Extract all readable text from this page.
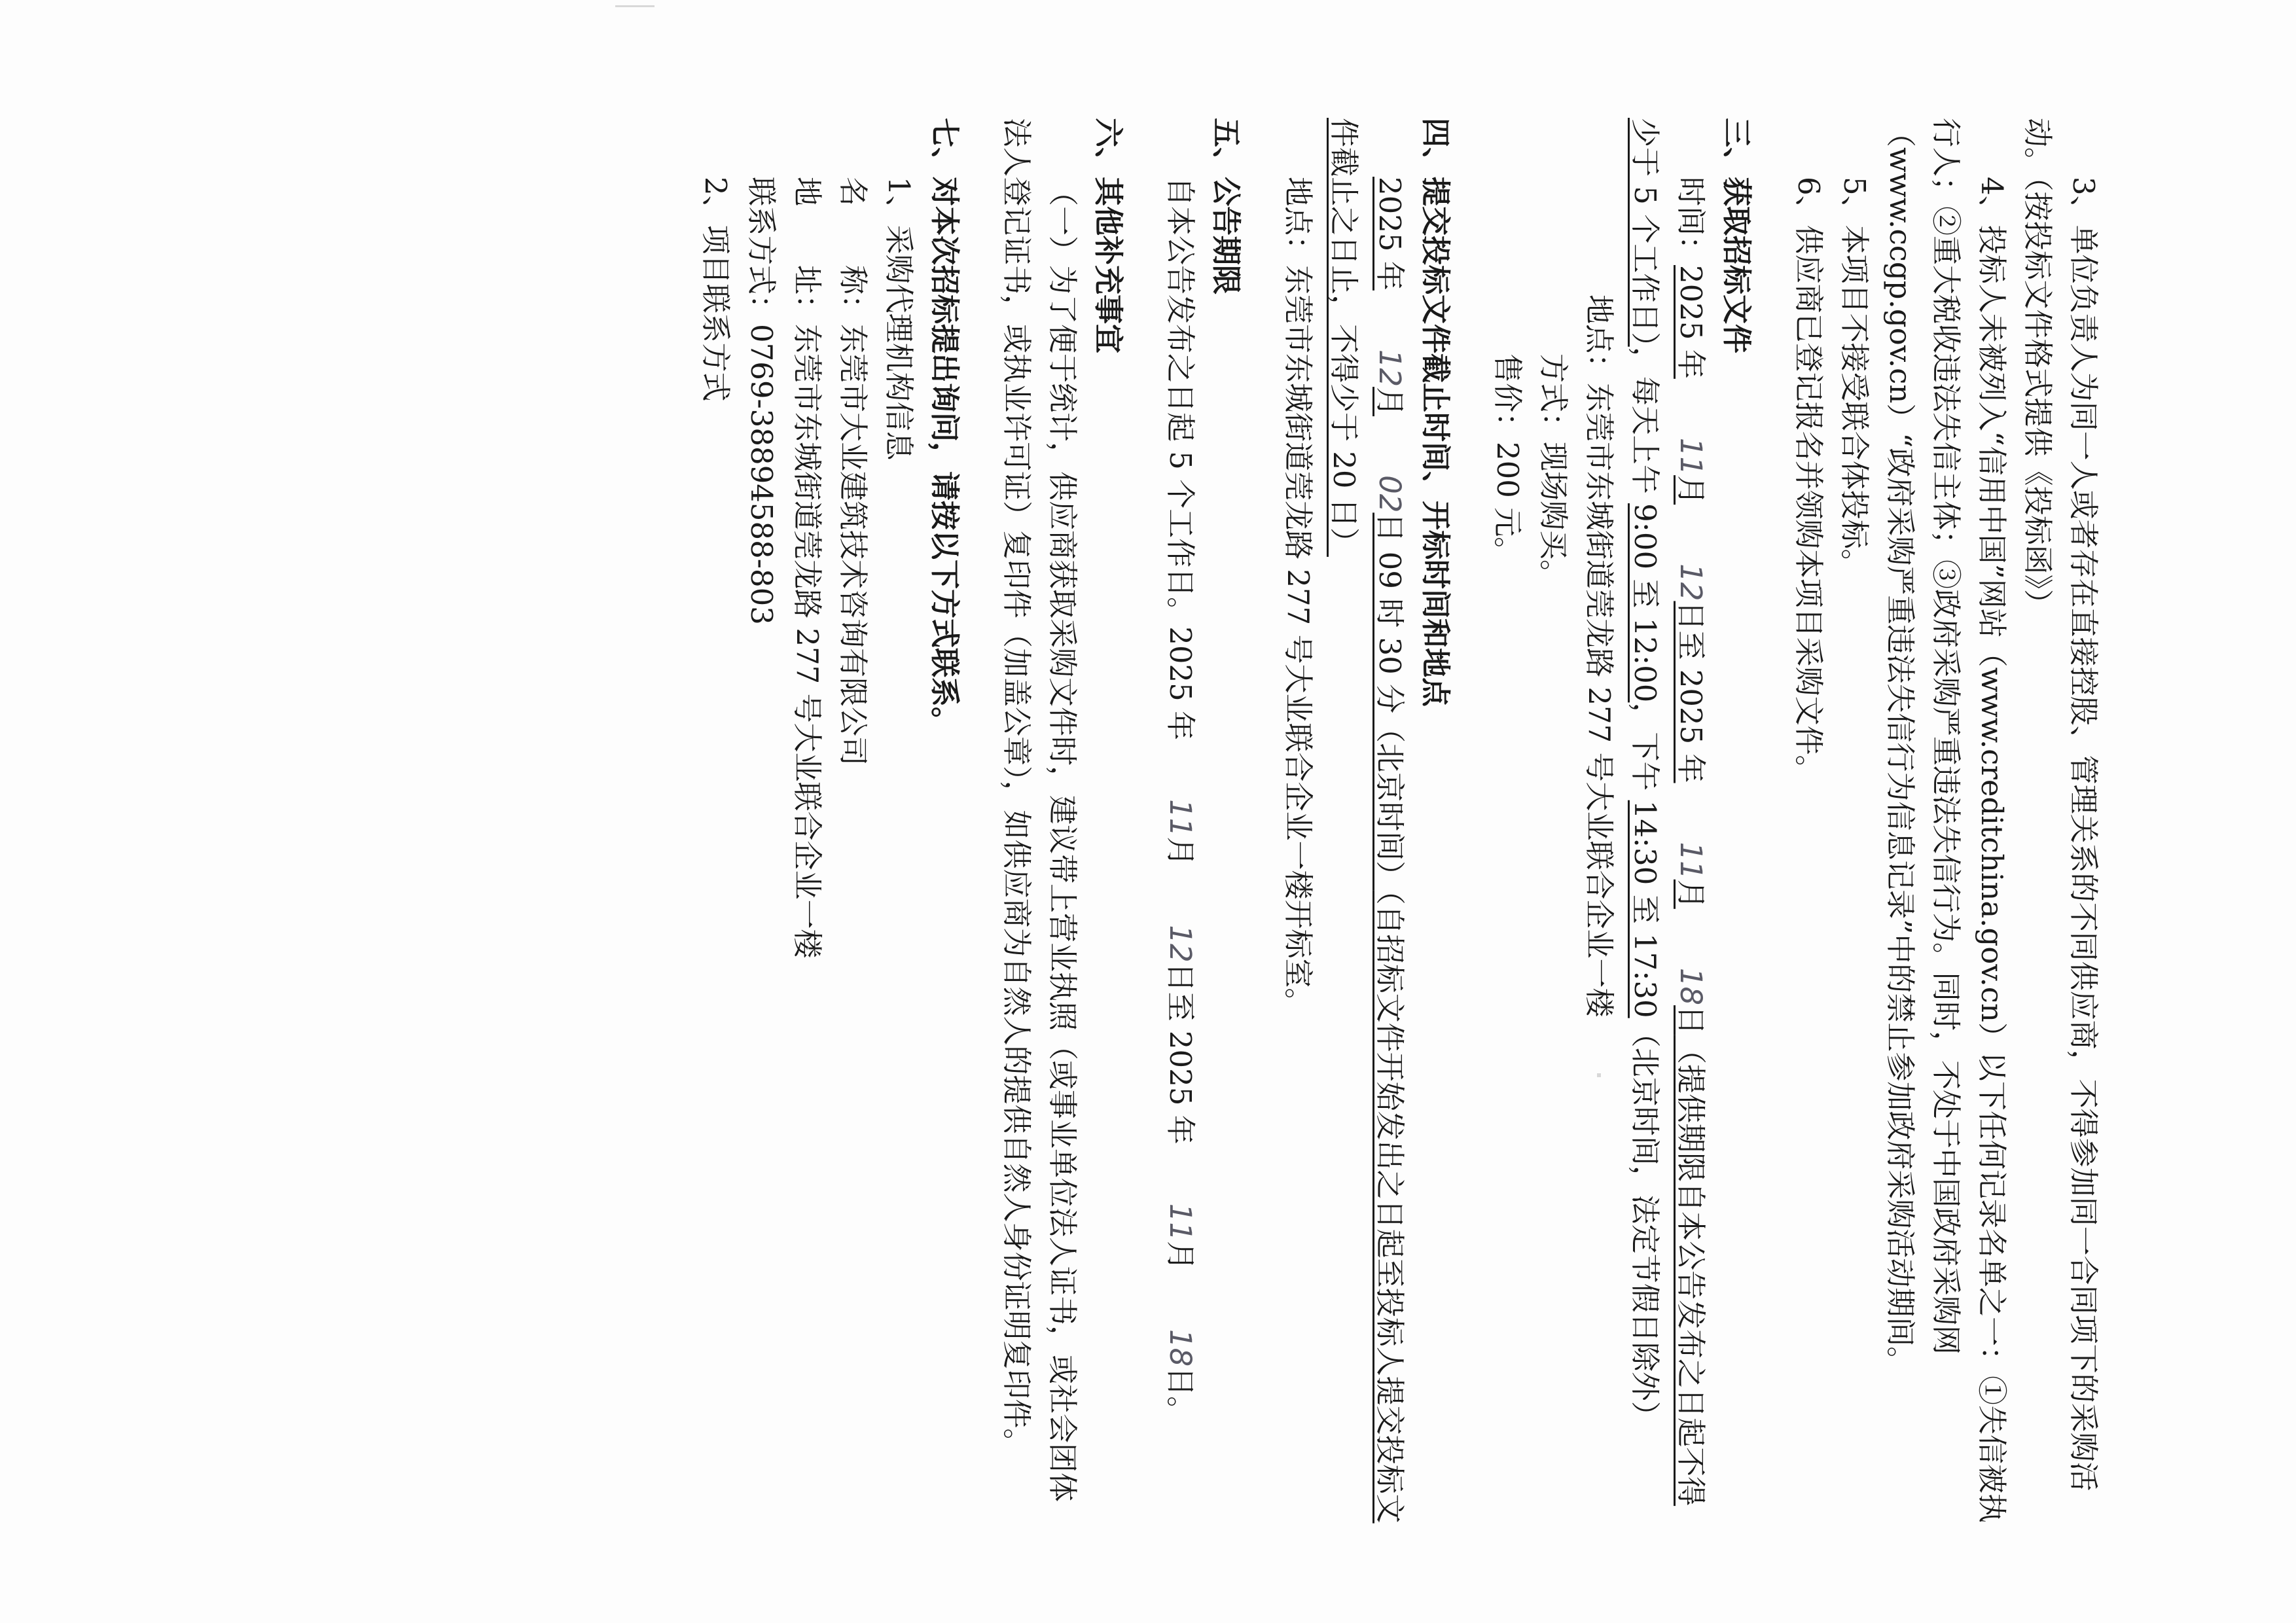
3、单位负责人为同一人或者存在直接控股、管理关系的不同供应商，不得参加同一合同项下的采购活动。（按投标文件格式提供《投标函》）

4、投标人未被列入“信用中国”网站（www.creditchina.gov.cn）以下任何记录名单之一：①失信被执行人；②重大税收违法失信主体；③政府采购严重违法失信行为。同时，不处于中国政府采购网（www.ccgp.gov.cn）“政府采购严重违法失信行为信息记录”中的禁止参加政府采购活动期间。

5、本项目不接受联合体投标。

6、供应商已登记报名并领购本项目采购文件。

三、获取招标文件

时间：2025 年11月12日至 2025 年11月18日（提供期限自本公告发布之日起不得少于 5 个工作日），每天上午 9:00 至 12:00，下午 14:30 至 17:30（北京时间，法定节假日除外）

地点：东莞市东城街道莞龙路 277 号大业联合企业一楼

方式：现场购买。

售价：200 元。

四、提交投标文件截止时间、开标时间和地点

2025 年12月02日 09 时 30 分（北京时间）（自招标文件开始发出之日起至投标人提交投标文件截止之日止，不得少于 20 日）

地点：东莞市东城街道莞龙路 277 号大业联合企业一楼开标室。

五、公告期限

自本公告发布之日起 5 个工作日。2025 年11月12日至 2025 年11月18日。

六、其他补充事宜

（一）为了便于统计，供应商获取采购文件时，建议带上营业执照（或事业单位法人证书，或社会团体法人登记证书，或执业许可证）复印件（加盖公章），如供应商为自然人的提供自然人身份证明复印件。

七、对本次招标提出询问，请按以下方式联系。

1、采购代理机构信息

名　　称：东莞市大业建筑技术咨询有限公司

地　　址：东莞市东城街道莞龙路 277 号大业联合企业一楼

联系方式：0769-38894588-803

2、项目联系方式
